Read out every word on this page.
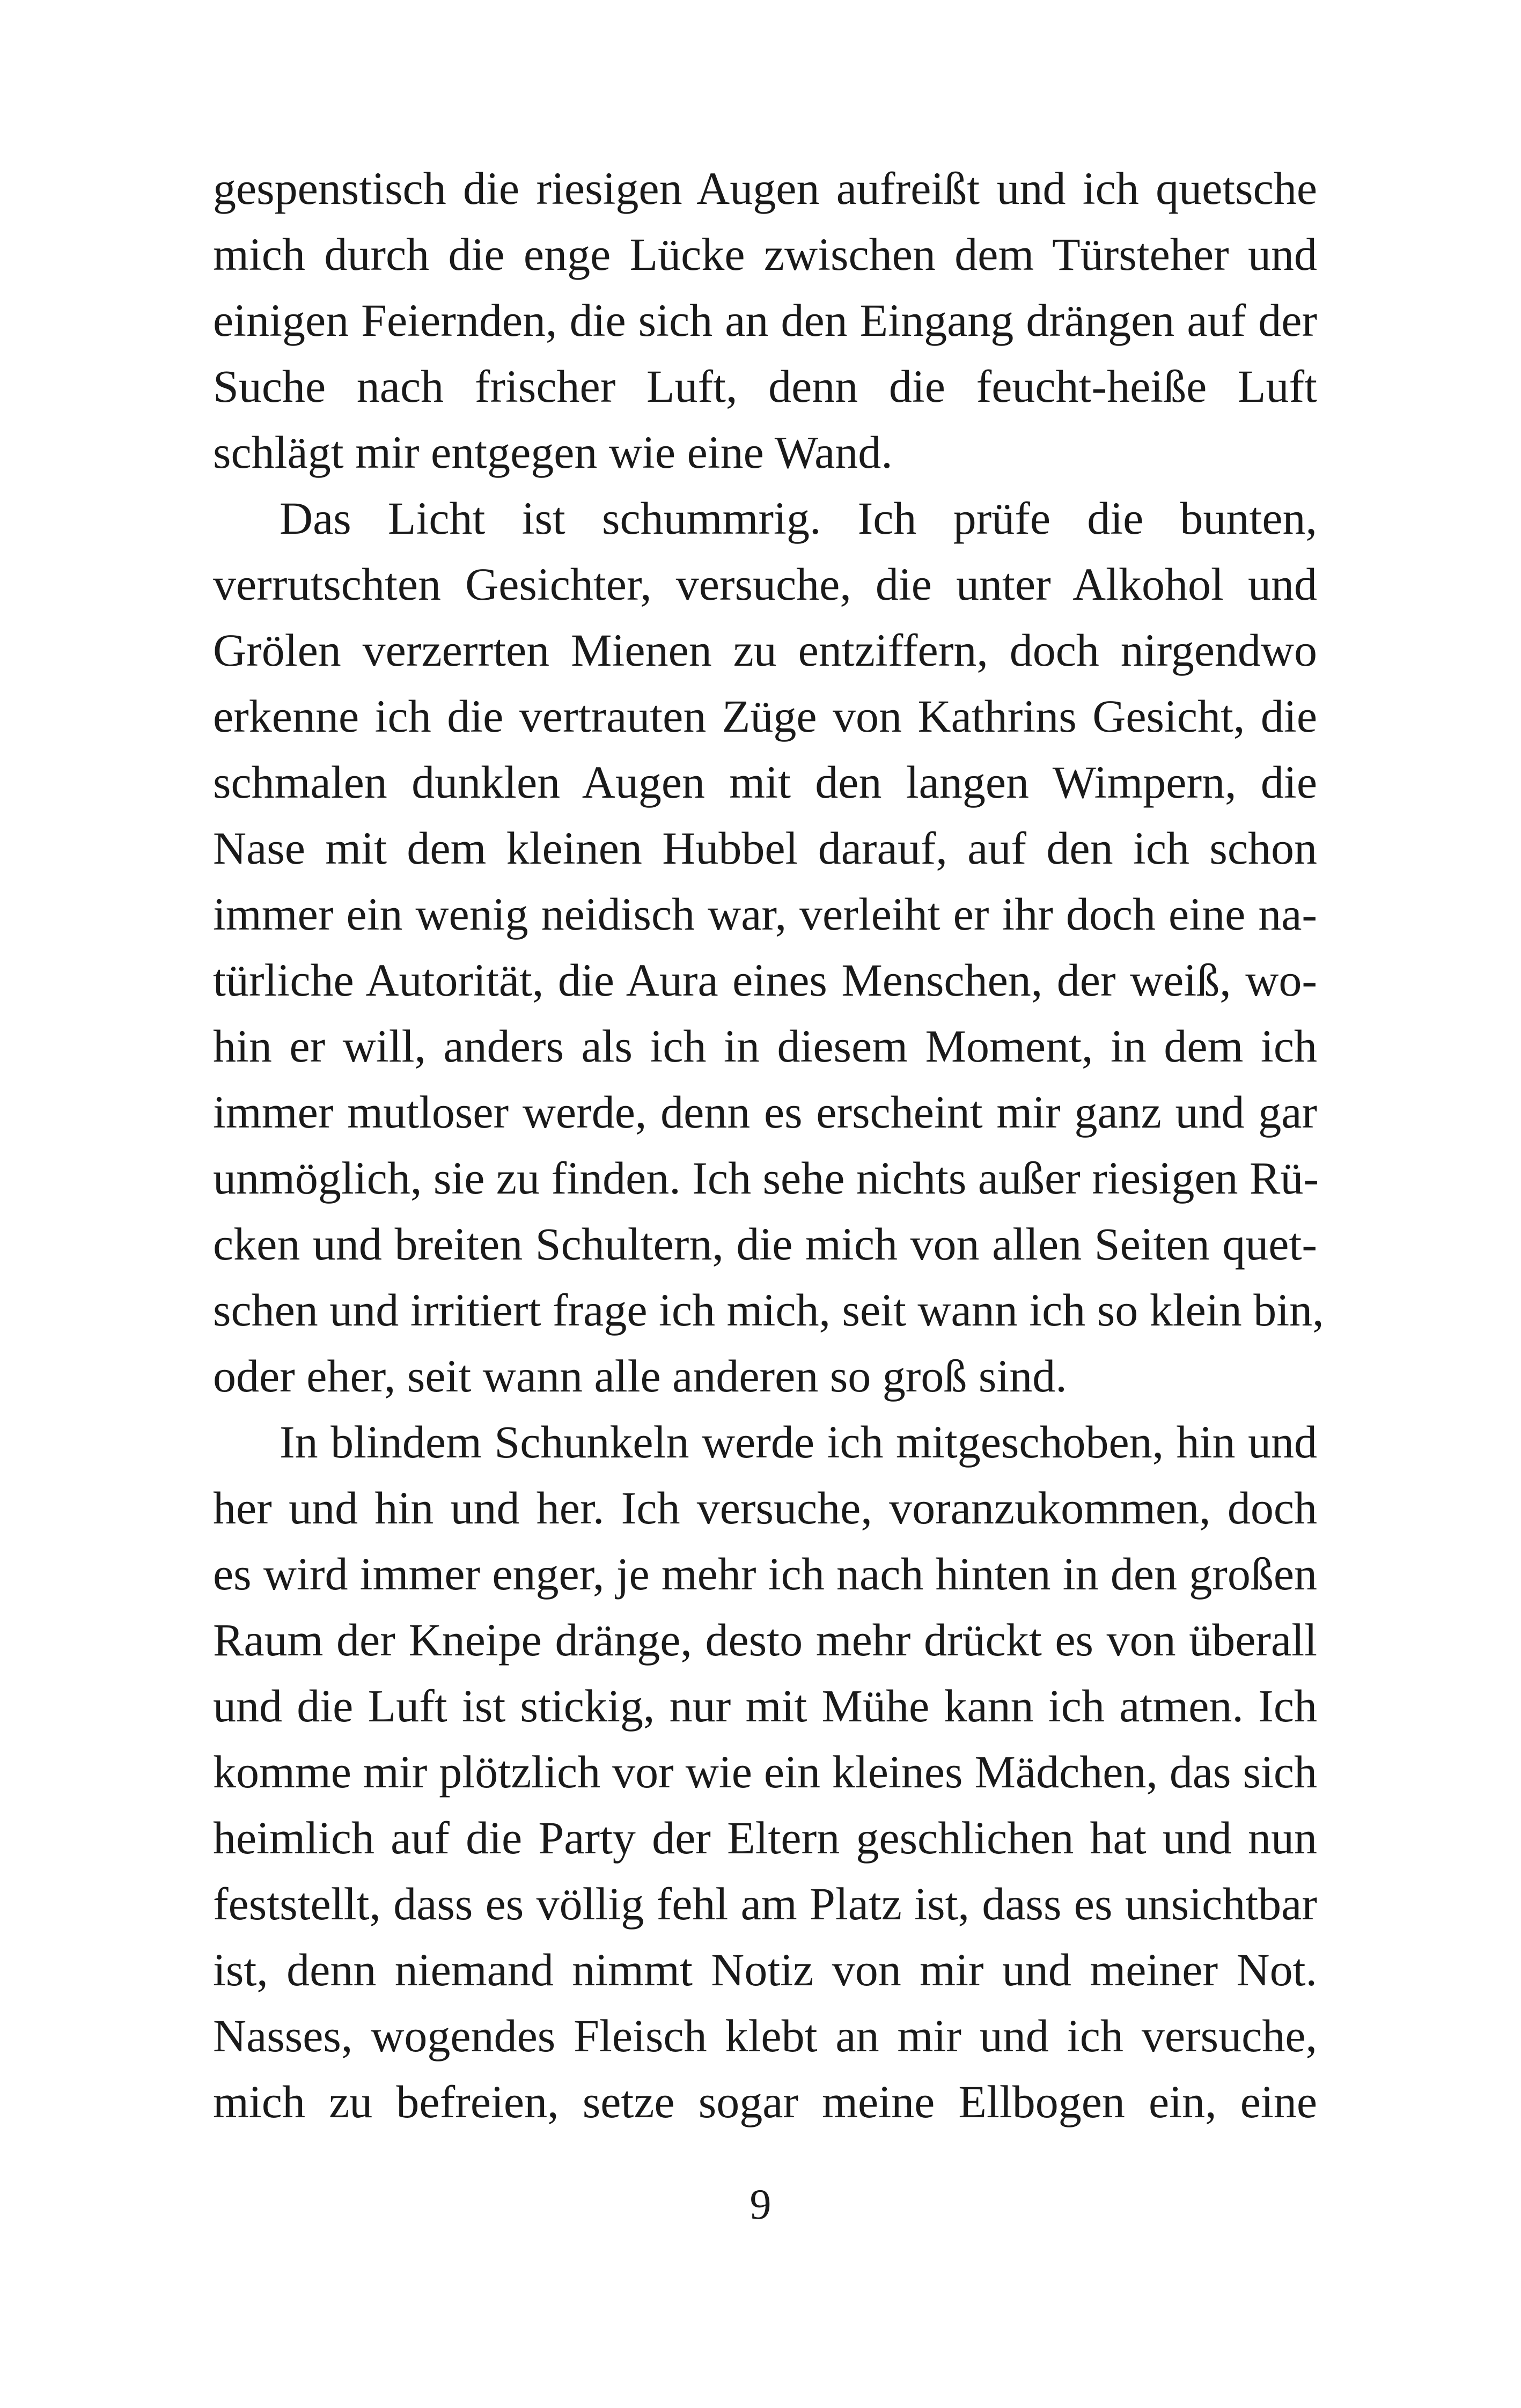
gespenstisch die riesigen Augen aufreißt und ich quetsche
mich durch die enge Lücke zwischen dem Türsteher und
einigen Feiernden, die sich an den Eingang drängen auf der
Suche nach frischer Luft, denn die feucht-heiße Luft
schlägt mir entgegen wie eine Wand.
Das Licht ist schummrig. Ich prüfe die bunten,
verrutschten Gesichter, versuche, die unter Alkohol und
Grölen verzerrten Mienen zu entziffern, doch nirgendwo
erkenne ich die vertrauten Züge von Kathrins Gesicht, die
schmalen dunklen Augen mit den langen Wimpern, die
Nase mit dem kleinen Hubbel darauf, auf den ich schon
immer ein wenig neidisch war, verleiht er ihr doch eine na-
türliche Autorität, die Aura eines Menschen, der weiß, wo-
hin er will, anders als ich in diesem Moment, in dem ich
immer mutloser werde, denn es erscheint mir ganz und gar
unmöglich, sie zu finden. Ich sehe nichts außer riesigen Rü-
cken und breiten Schultern, die mich von allen Seiten quet-
schen und irritiert frage ich mich, seit wann ich so klein bin,
oder eher, seit wann alle anderen so groß sind.
In blindem Schunkeln werde ich mitgeschoben, hin und
her und hin und her. Ich versuche, voranzukommen, doch
es wird immer enger, je mehr ich nach hinten in den großen
Raum der Kneipe dränge, desto mehr drückt es von überall
und die Luft ist stickig, nur mit Mühe kann ich atmen. Ich
komme mir plötzlich vor wie ein kleines Mädchen, das sich
heimlich auf die Party der Eltern geschlichen hat und nun
feststellt, dass es völlig fehl am Platz ist, dass es unsichtbar
ist, denn niemand nimmt Notiz von mir und meiner Not.
Nasses, wogendes Fleisch klebt an mir und ich versuche,
mich zu befreien, setze sogar meine Ellbogen ein, eine
9
